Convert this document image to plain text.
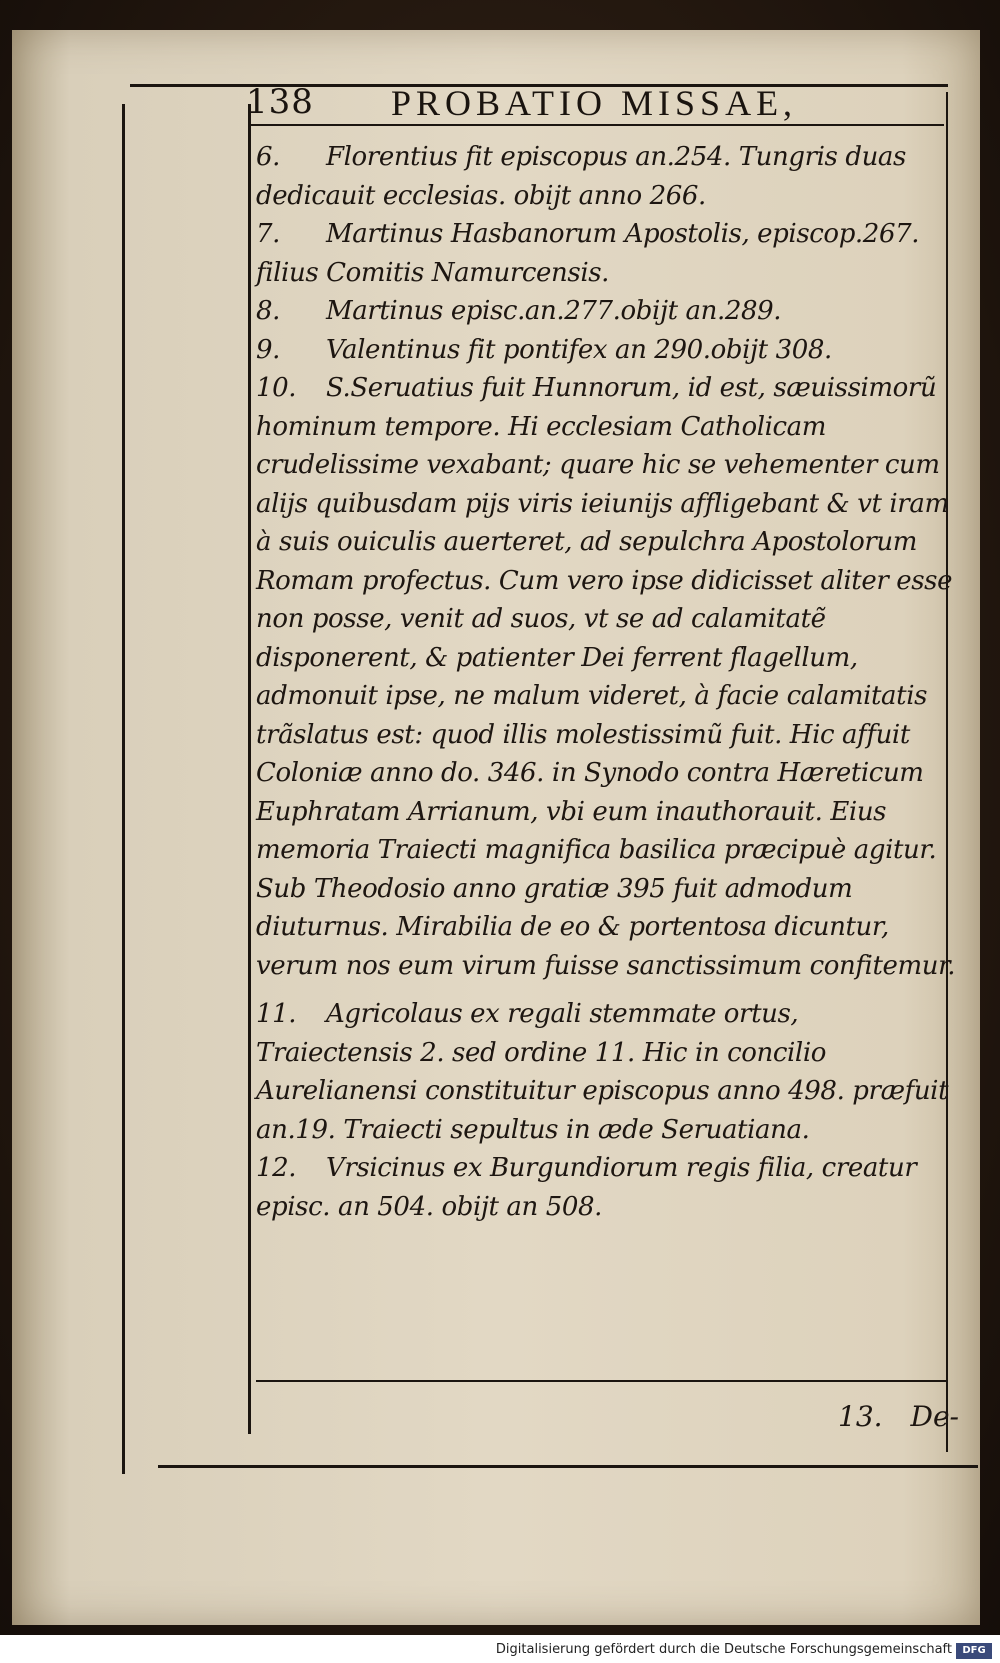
138 PROBATIO MISSAE,

6. Florentius fit episcopus an.254. Tungris duas dedicauit ecclesias. obijt anno 266.

7. Martinus Hasbanorum Apostolis, episcop.267. filius Comitis Namurcensis.

8. Martinus episc.an.277.obijt an.289.

9. Valentinus fit pontifex an 290.obijt 308.

10. S.Seruatius fuit Hunnorum, id est, sæuissimorũ hominum tempore. Hi ecclesiam Catholicam crudelissime vexabant; quare hic se vehementer cum alijs quibusdam pijs viris ieiunijs affligebant & vt iram à suis ouiculis auerteret, ad sepulchra Apostolorum Romam profectus. Cum vero ipse didicisset aliter esse non posse, venit ad suos, vt se ad calamitatẽ disponerent, & patienter Dei ferrent flagellum, admonuit ipse, ne malum videret, à facie calamitatis trãslatus est: quod illis molestissimũ fuit. Hic affuit Coloniæ anno do. 346. in Synodo contra Hæreticum Euphratam Arrianum, vbi eum inauthorauit. Eius memoria Traiecti magnifica basilica præcipuè agitur. Sub Theodosio anno gratiæ 395 fuit admodum diuturnus. Mirabilia de eo & portentosa dicuntur, verum nos eum virum fuisse sanctissimum confitemur.

11. Agricolaus ex regali stemmate ortus, Traiectensis 2. sed ordine 11. Hic in concilio Aurelianensi constituitur episcopus anno 498. præfuit an.19. Traiecti sepultus in æde Seruatiana.

12. Vrsicinus ex Burgundiorum regis filia, creatur episc. an 504. obijt an 508.

13. De-
Digitalisierung gefördert durch die Deutsche Forschungsgemeinschaft	DFG
